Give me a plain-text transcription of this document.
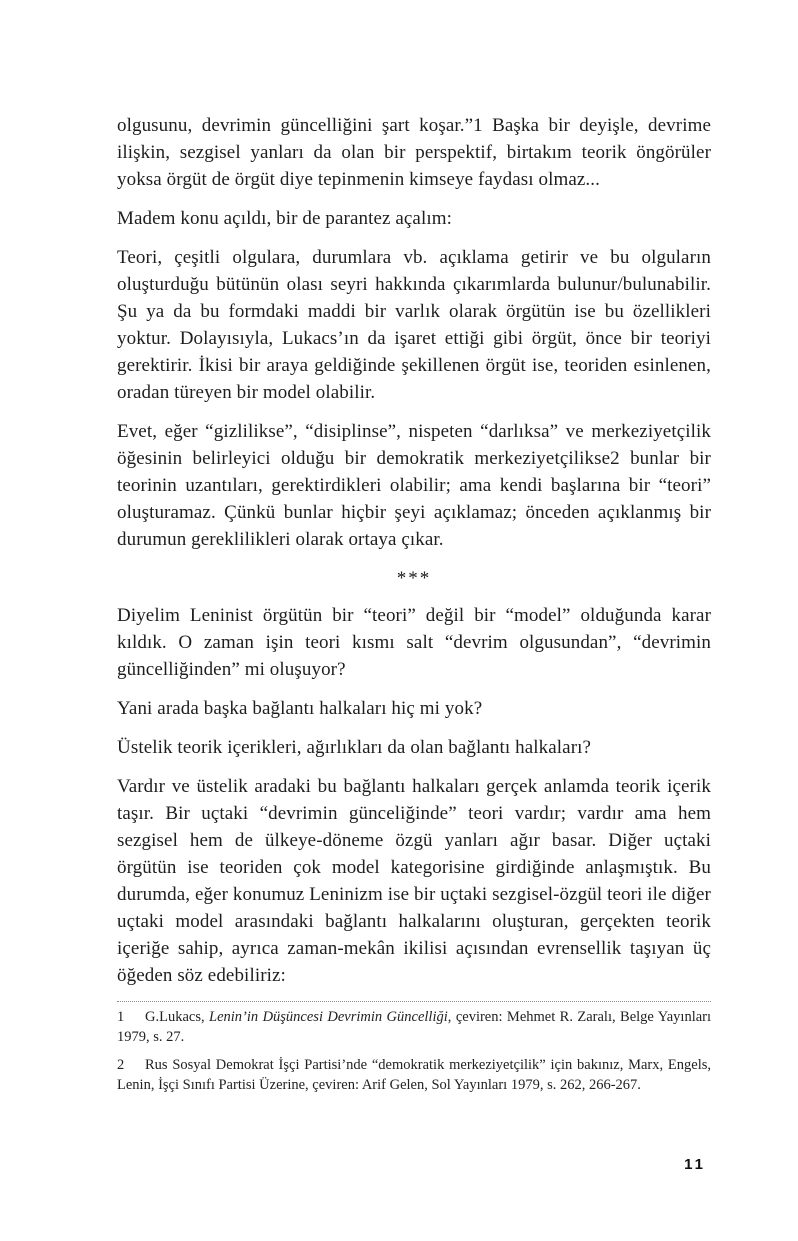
olgusunu, devrimin güncelliğini şart koşar.”1 Başka bir deyişle, devrime ilişkin, sezgisel yanları da olan bir perspektif, birtakım teorik öngörüler yoksa örgüt de örgüt diye tepinmenin kimseye faydası olmaz...

Madem konu açıldı, bir de parantez açalım:

Teori, çeşitli olgulara, durumlara vb. açıklama getirir ve bu olguların oluşturduğu bütünün olası seyri hakkında çıkarımlarda bulunur/bulunabilir. Şu ya da bu formdaki maddi bir varlık olarak örgütün ise bu özellikleri yoktur. Dolayısıyla, Lukacs’ın da işaret ettiği gibi örgüt, önce bir teoriyi gerektirir. İkisi bir araya geldiğinde şekillenen örgüt ise, teoriden esinlenen, oradan türeyen bir model olabilir.

Evet, eğer “gizlilikse”, “disiplinse”, nispeten “darlıksa” ve merkeziyetçilik öğesinin belirleyici olduğu bir demokratik merkeziyetçilikse2 bunlar bir teorinin uzantıları, gerektirdikleri olabilir; ama kendi başlarına bir “teori” oluşturamaz. Çünkü bunlar hiçbir şeyi açıklamaz; önceden açıklanmış bir durumun gereklilikleri olarak ortaya çıkar.

***

Diyelim Leninist örgütün bir “teori” değil bir “model” olduğunda karar kıldık. O zaman işin teori kısmı salt “devrim olgusundan”, “devrimin güncelliğinden” mi oluşuyor?

Yani arada başka bağlantı halkaları hiç mi yok?

Üstelik teorik içerikleri, ağırlıkları da olan bağlantı halkaları?

Vardır ve üstelik aradaki bu bağlantı halkaları gerçek anlamda teorik içerik taşır. Bir uçtaki “devrimin günceliğinde” teori vardır; vardır ama hem sezgisel hem de ülkeye-döneme özgü yanları ağır basar. Diğer uçtaki örgütün ise teoriden çok model kategorisine girdiğinde anlaşmıştık. Bu durumda, eğer konumuz Leninizm ise bir uçtaki sezgisel-özgül teori ile diğer uçtaki model arasındaki bağlantı halkalarını oluşturan, gerçekten teorik içeriğe sahip, ayrıca zaman-mekân ikilisi açısından evrensellik taşıyan üç öğeden söz edebiliriz:

1 G.Lukacs, Lenin’in Düşüncesi Devrimin Güncelliği, çeviren: Mehmet R. Zaralı, Belge Yayınları 1979, s. 27.

2 Rus Sosyal Demokrat İşçi Partisi’nde “demokratik merkeziyetçilik” için bakınız, Marx, Engels, Lenin, İşçi Sınıfı Partisi Üzerine, çeviren: Arif Gelen, Sol Yayınları 1979, s. 262, 266-267.

11
